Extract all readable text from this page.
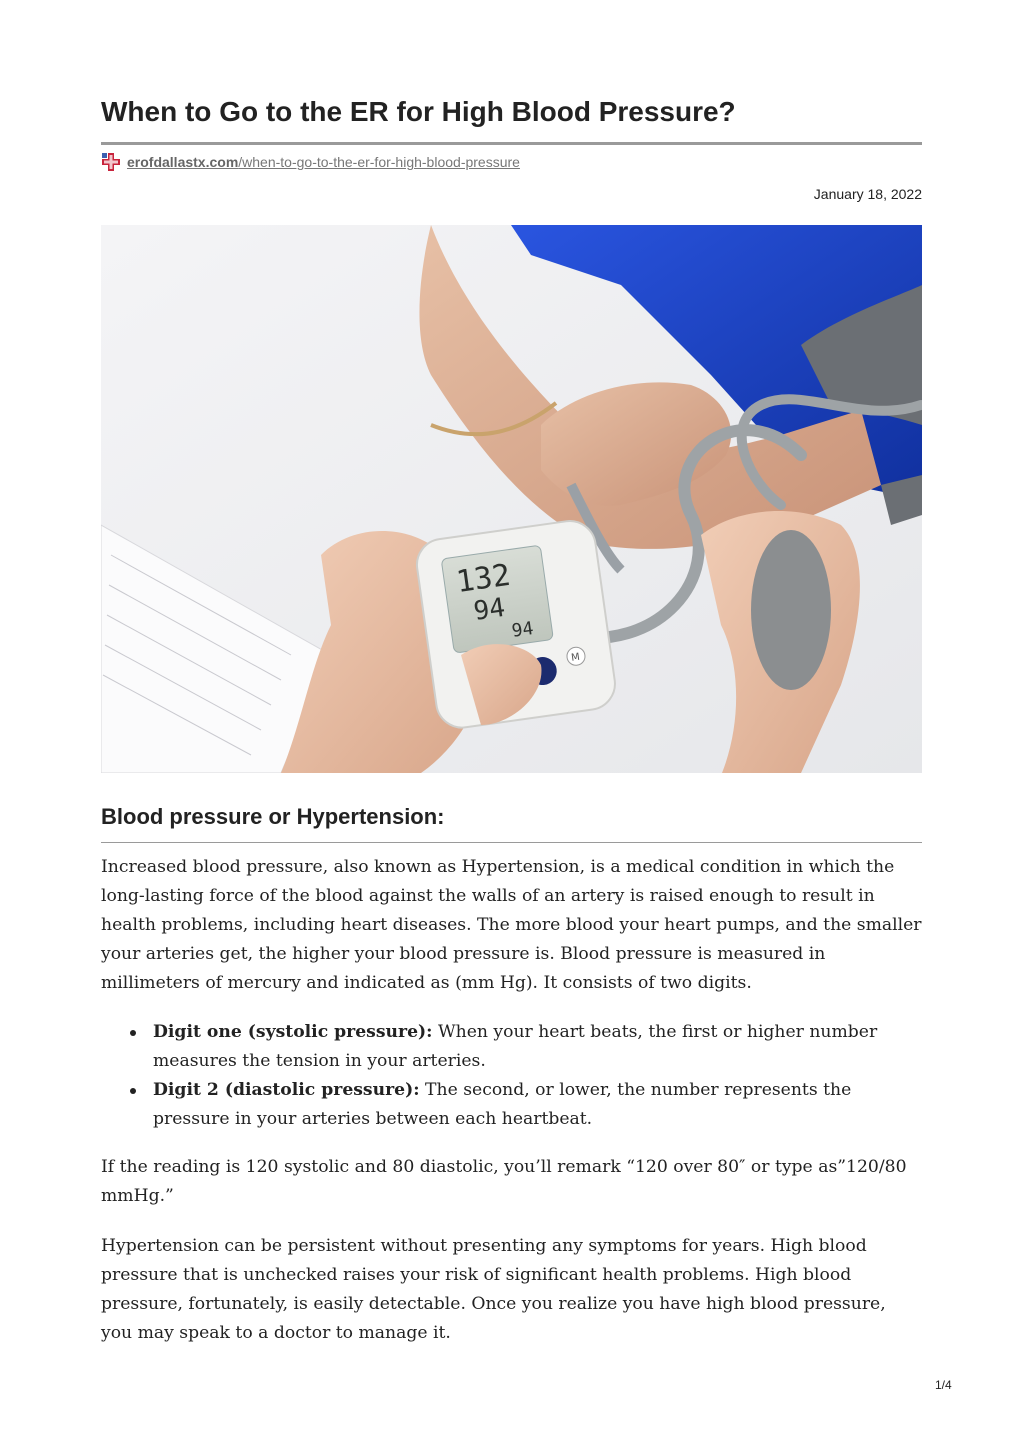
When to Go to the ER for High Blood Pressure?
erofdallastx.com/when-to-go-to-the-er-for-high-blood-pressure
January 18, 2022
132
94
94
M
Blood pressure or Hypertension:

Increased blood pressure, also known as Hypertension, is a medical condition in which the long-lasting force of the blood against the walls of an artery is raised enough to result in health problems, including heart diseases. The more blood your heart pumps, and the smaller your arteries get, the higher your blood pressure is. Blood pressure is measured in millimeters of mercury and indicated as (mm Hg). It consists of two digits.

Digit one (systolic pressure): When your heart beats, the first or higher number measures the tension in your arteries.
Digit 2 (diastolic pressure): The second, or lower, the number represents the pressure in your arteries between each heartbeat.

If the reading is 120 systolic and 80 diastolic, you’ll remark “120 over 80″ or type as”120/80 mmHg.”

Hypertension can be persistent without presenting any symptoms for years. High blood pressure that is unchecked raises your risk of significant health problems. High blood pressure, fortunately, is easily detectable. Once you realize you have high blood pressure, you may speak to a doctor to manage it.

1/4
